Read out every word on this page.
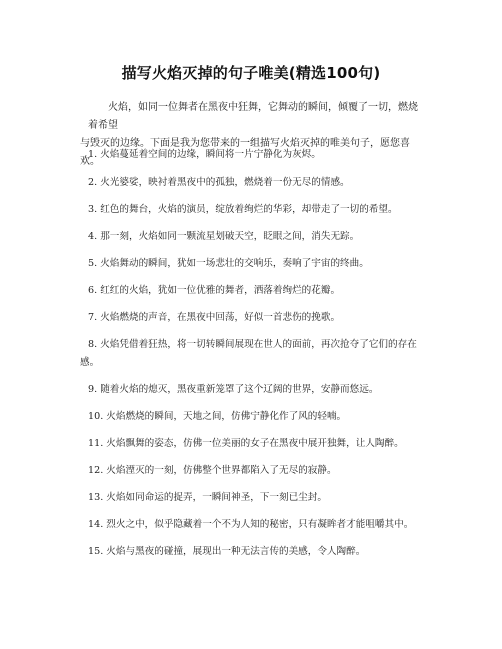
描写火焰灭掉的句子唯美(精选100句)

火焰，如同一位舞者在黑夜中狂舞，它舞动的瞬间，倾覆了一切，燃烧着希望
与毁灭的边缘。下面是我为您带来的一组描写火焰灭掉的唯美句子，愿您喜欢。

1. 火焰蔓延着空间的边缘，瞬间将一片宁静化为灰烬。
2. 火光婆娑，映衬着黑夜中的孤独，燃烧着一份无尽的情感。
3. 红色的舞台，火焰的演员，绽放着绚烂的华彩，却带走了一切的希望。
4. 那一刻，火焰如同一颗流星划破天空，眨眼之间，消失无踪。
5. 火焰舞动的瞬间，犹如一场悲壮的交响乐，奏响了宇宙的终曲。
6. 红红的火焰，犹如一位优雅的舞者，洒落着绚烂的花瓣。
7. 火焰燃烧的声音，在黑夜中回荡，好似一首悲伤的挽歌。
8. 火焰凭借着狂热，将一切转瞬间展现在世人的面前，再次抢夺了它们的存在
感。
9. 随着火焰的熄灭，黑夜重新笼罩了这个辽阔的世界，安静而悠远。
10. 火焰燃烧的瞬间，天地之间，仿佛宁静化作了风的轻喃。
11. 火焰飘舞的姿态，仿佛一位美丽的女子在黑夜中展开独舞，让人陶醉。
12. 火焰湮灭的一刻，仿佛整个世界都陷入了无尽的寂静。
13. 火焰如同命运的捉弄，一瞬间神圣，下一刻已尘封。
14. 烈火之中，似乎隐藏着一个不为人知的秘密，只有凝眸者才能咀嚼其中。
15. 火焰与黑夜的碰撞，展现出一种无法言传的美感，令人陶醉。
